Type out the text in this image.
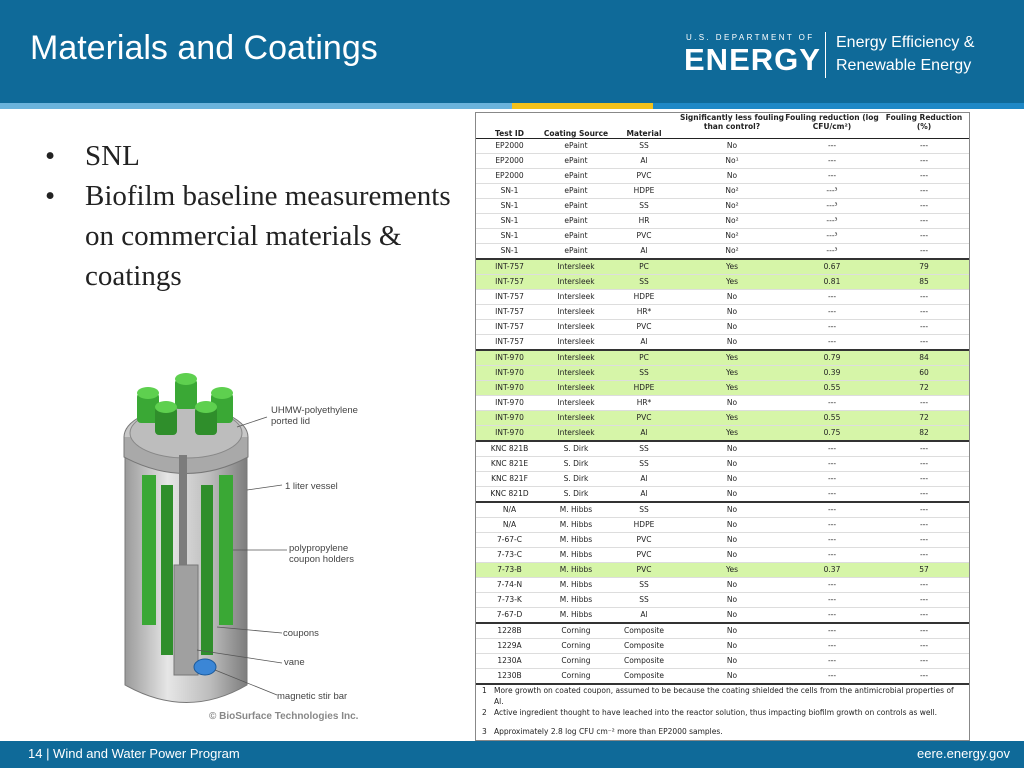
Materials and Coatings	U.S. DEPARTMENT OF
ENERGY Energy Efficiency &
Renewable Energy
• SNL
• Biofilm baseline measurements on commercial materials & coatings
UHMW-polyethylene ported lid
1 liter vessel
polypropylene coupon holders
coupons
vane
magnetic stir bar
© BioSurface Technologies Inc.
Test ID	Coating Source	Material	Significantly less fouling than control?	Fouling reduction (log CFU/cm²)	Fouling Reduction (%)
EP2000	ePaint	SS	No	---	---
EP2000	ePaint	Al	No¹	---	---
EP2000	ePaint	PVC	No	---	---
SN-1	ePaint	HDPE	No²	---³	---
SN-1	ePaint	SS	No²	---³	---
SN-1	ePaint	HR	No²	---³	---
SN-1	ePaint	PVC	No²	---³	---
SN-1	ePaint	Al	No²	---³	---
INT-757	Intersleek	PC	Yes	0.67	79
INT-757	Intersleek	SS	Yes	0.81	85
INT-757	Intersleek	HDPE	No	---	---
INT-757	Intersleek	HR*	No	---	---
INT-757	Intersleek	PVC	No	---	---
INT-757	Intersleek	Al	No	---	---
INT-970	Intersleek	PC	Yes	0.79	84
INT-970	Intersleek	SS	Yes	0.39	60
INT-970	Intersleek	HDPE	Yes	0.55	72
INT-970	Intersleek	HR*	No	---	---
INT-970	Intersleek	PVC	Yes	0.55	72
INT-970	Intersleek	Al	Yes	0.75	82
KNC 821B	S. Dirk	SS	No	---	---
KNC 821E	S. Dirk	SS	No	---	---
KNC 821F	S. Dirk	Al	No	---	---
KNC 821D	S. Dirk	Al	No	---	---
N/A	M. Hibbs	SS	No	---	---
N/A	M. Hibbs	HDPE	No	---	---
7-67-C	M. Hibbs	PVC	No	---	---
7-73-C	M. Hibbs	PVC	No	---	---
7-73-B	M. Hibbs	PVC	Yes	0.37	57
7-74-N	M. Hibbs	SS	No	---	---
7-73-K	M. Hibbs	SS	No	---	---
7-67-D	M. Hibbs	Al	No	---	---
1228B	Corning	Composite	No	---	---
1229A	Corning	Composite	No	---	---
1230A	Corning	Composite	No	---	---
1230B	Corning	Composite	No	---	---
1 More growth on coated coupon, assumed to be because the coating shielded the cells from the antimicrobial properties of Al.
2 Active ingredient thought to have leached into the reactor solution, thus impacting biofilm growth on controls as well.
3 Approximately 2.8 log CFU cm⁻² more than EP2000 samples.
14 | Wind and Water Power Program	eere.energy.gov
